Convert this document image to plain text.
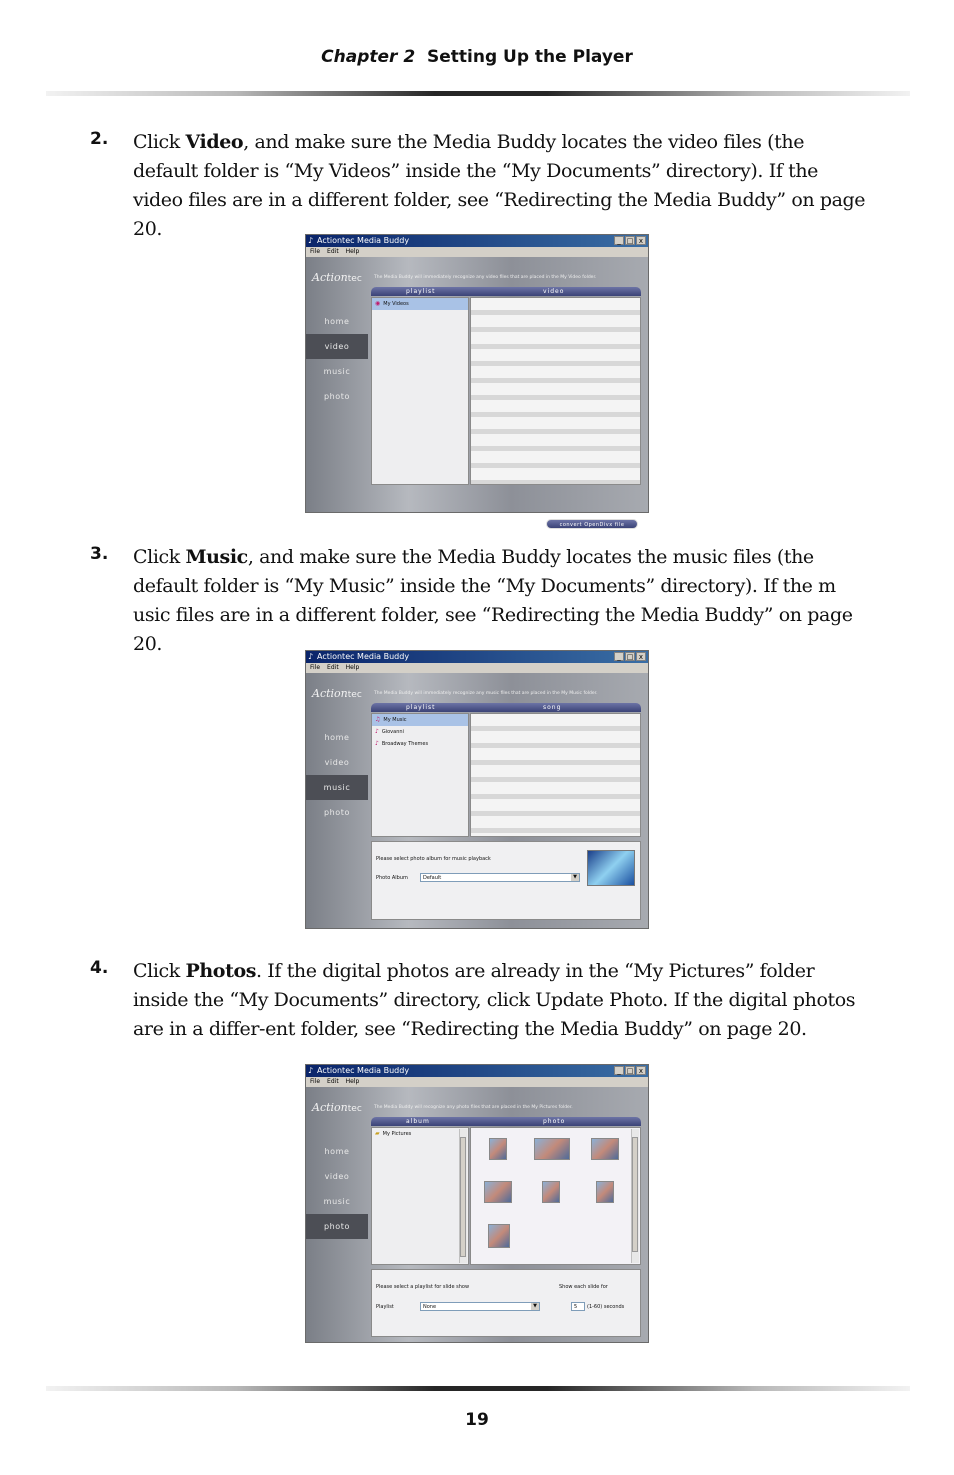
Chapter 2 Setting Up the Player
2. Click Video, and make sure the Media Buddy locates the video files (the default folder is “My Videos” inside the “My Documents” directory). If the video files are in a different folder, see “Redirecting the Media Buddy” on page 20.
♪ Actiontec Media Buddy	_ □ x
File Edit Help
Actiontec	The Media Buddy will immediately recognize any video files that are placed in the My Video folder.
playlist	video
home
video
music
photo
◉ My Videos
convert OpenDivx file
3. Click Music, and make sure the Media Buddy locates the music files (the default folder is “My Music” inside the “My Documents” directory). If the m usic files are in a different folder, see “Redirecting the Media Buddy” on page 20.
♪ Actiontec Media Buddy	_ □ x
File Edit Help
Actiontec	The Media Buddy will immediately recognize any music files that are placed in the My Music folder.
playlist	song
home
video
music
photo
♫ My Music
♪ Giovanni
♪ Broadway Themes
Please select photo album for music playback
Photo Album	Default	▼
4. Click Photos. If the digital photos are already in the “My Pictures” folder inside the “My Documents” directory, click Update Photo. If the digital photos are in a differ-ent folder, see “Redirecting the Media Buddy” on page 20.
♪ Actiontec Media Buddy	_ □ x
File Edit Help
Actiontec	The Media Buddy will recognize any photo files that are placed in the My Pictures folder.
album	photo
home
video
music
photo
▰ My Pictures
Please select a playlist for slide show	Show each slide for
Playlist	None	▼	5	(1-60) seconds
19
